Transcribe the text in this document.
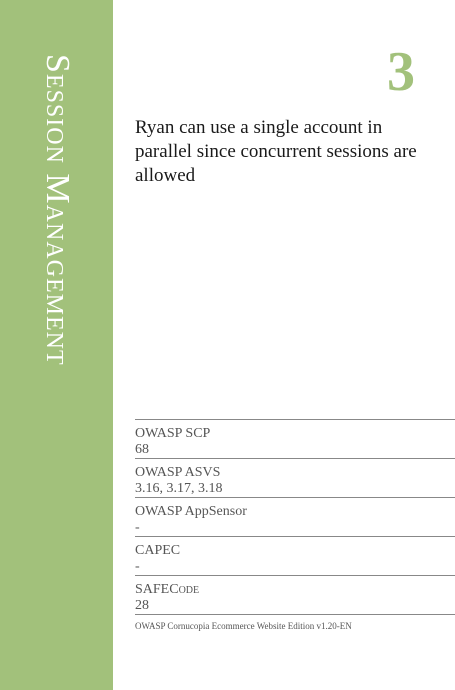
Session Management	3
Ryan can use a single account in parallel since concurrent sessions are allowed
OWASP SCP
68
OWASP ASVS
3.16, 3.17, 3.18
OWASP AppSensor
-
CAPEC
-
SAFECode
28
OWASP Cornucopia Ecommerce Website Edition v1.20-EN
